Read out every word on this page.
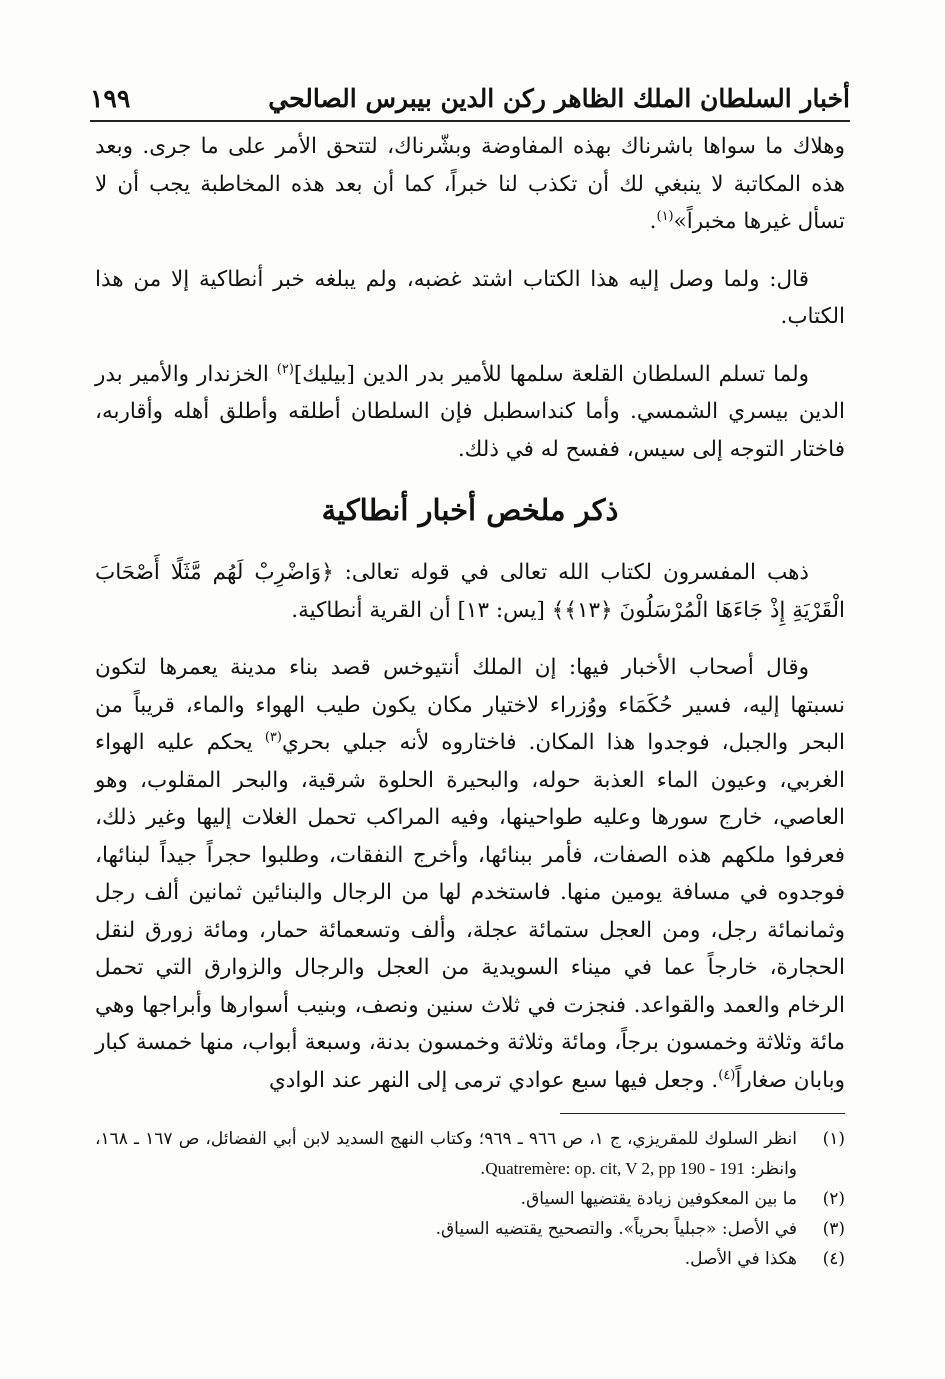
أخبار السلطان الملك الظاهر ركن الدين بيبرس الصالحي
١٩٩

وهلاك ما سواها باشرناك بهذه المفاوضة وبشّرناك، لتتحق الأمر على ما جرى. وبعد هذه المكاتبة لا ينبغي لك أن تكذب لنا خبراً، كما أن بعد هذه المخاطبة يجب أن لا تسأل غيرها مخبراً»$^{(١)}$.

قال: ولما وصل إليه هذا الكتاب اشتد غضبه، ولم يبلغه خبر أنطاكية إلا من هذا الكتاب.

ولما تسلم السلطان القلعة سلمها للأمير بدر الدين [بيليك]$^{(٢)}$ الخزندار والأمير بدر الدين بيسري الشمسي. وأما كنداسطبل فإن السلطان أطلقه وأطلق أهله وأقاربه، فاختار التوجه إلى سيس، ففسح له في ذلك.

ذكر ملخص أخبار أنطاكية

ذهب المفسرون لكتاب الله تعالى في قوله تعالى: ﴿وَاضْرِبْ لَهُم مَّثَلًا أَصْحَابَ الْقَرْيَةِ إِذْ جَاءَهَا الْمُرْسَلُونَ ﴿١٣﴾﴾ [يس: ١٣] أن القرية أنطاكية.

وقال أصحاب الأخبار فيها: إن الملك أنتيوخس قصد بناء مدينة يعمرها لتكون نسبتها إليه، فسير حُكَمَاء ووُزراء لاختيار مكان يكون طيب الهواء والماء، قريباً من البحر والجبل، فوجدوا هذا المكان. فاختاروه لأنه جبلي بحري$^{(٣)}$ يحكم عليه الهواء الغربي، وعيون الماء العذبة حوله، والبحيرة الحلوة شرقية، والبحر المقلوب، وهو العاصي، خارج سورها وعليه طواحينها، وفيه المراكب تحمل الغلات إليها وغير ذلك، فعرفوا ملكهم هذه الصفات، فأمر ببنائها، وأخرج النفقات، وطلبوا حجراً جيداً لبنائها، فوجدوه في مسافة يومين منها. فاستخدم لها من الرجال والبنائين ثمانين ألف رجل وثمانمائة رجل، ومن العجل ستمائة عجلة، وألف وتسعمائة حمار، ومائة زورق لنقل الحجارة، خارجاً عما في ميناء السويدية من العجل والرجال والزوارق التي تحمل الرخام والعمد والقواعد. فنجزت في ثلاث سنين ونصف، وبنيب أسوارها وأبراجها وهي مائة وثلاثة وخمسون برجاً، ومائة وثلاثة وخمسون بدنة، وسبعة أبواب، منها خمسة كبار وبابان صغاراً$^{(٤)}$. وجعل فيها سبع عوادي ترمى إلى النهر عند الوادي

(١)
انظر السلوك للمقريزي، ج ١، ص ٩٦٦ ـ ٩٦٩؛ وكتاب النهج السديد لابن أبي الفضائل، ص ١٦٧ ـ ١٦٨، وانظر: Quatremère: op. cit, V 2, pp 190 - 191.
(٢)
ما بين المعكوفين زيادة يقتضيها السياق.
(٣)
في الأصل: «جبلياً بحرياً». والتصحيح يقتضيه السياق.
(٤)
هكذا في الأصل.
